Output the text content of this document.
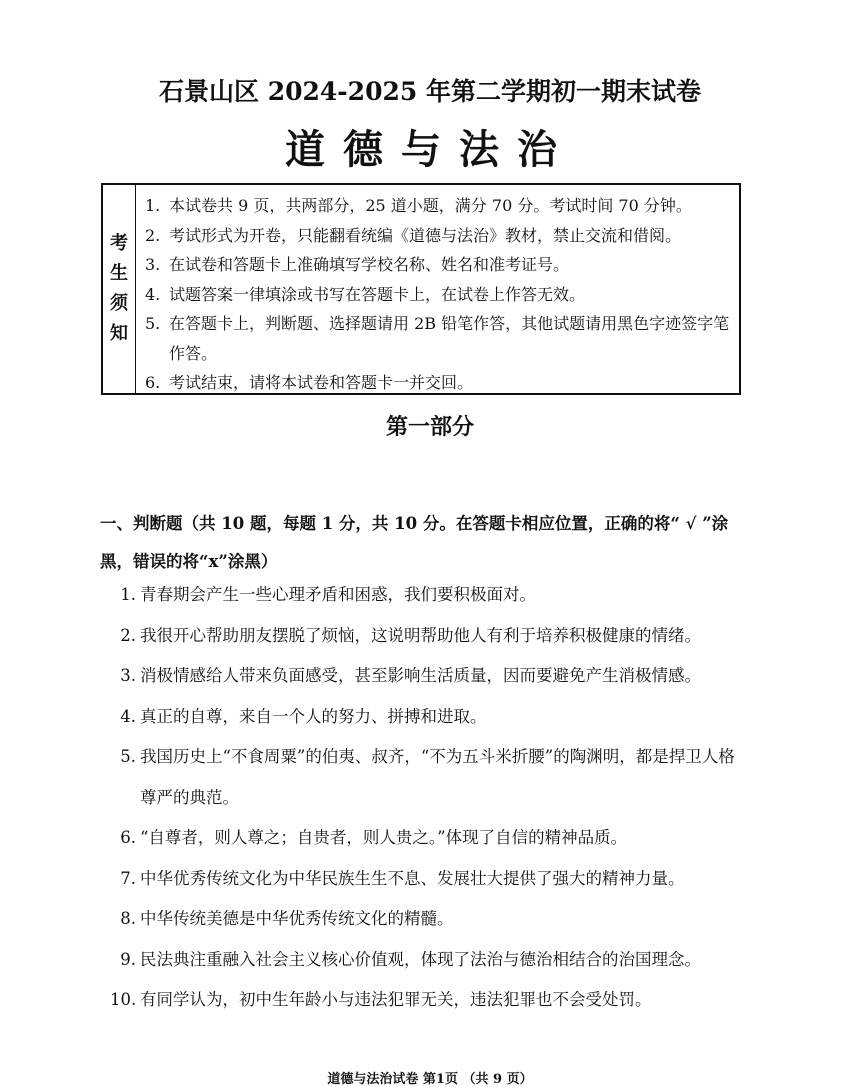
石景山区 2024-2025 年第二学期初一期末试卷
道德与法治
考
生
须
知
1. 本试卷共 9 页，共两部分，25 道小题，满分 70 分。考试时间 70 分钟。
2. 考试形式为开卷，只能翻看统编《道德与法治》教材，禁止交流和借阅。
3. 在试卷和答题卡上准确填写学校名称、姓名和准考证号。
4. 试题答案一律填涂或书写在答题卡上，在试卷上作答无效。
5. 在答题卡上，判断题、选择题请用 2B 铅笔作答，其他试题请用黑色字迹签字笔作答。
6. 考试结束，请将本试卷和答题卡一并交回。
第一部分
一、判断题（共 10 题，每题 1 分，共 10 分。在答题卡相应位置，正确的将“ √ ”涂黑，错误的将“x”涂黑）
1. 青春期会产生一些心理矛盾和困惑，我们要积极面对。
2. 我很开心帮助朋友摆脱了烦恼，这说明帮助他人有利于培养积极健康的情绪。
3. 消极情感给人带来负面感受，甚至影响生活质量，因而要避免产生消极情感。
4. 真正的自尊，来自一个人的努力、拼搏和进取。
5. 我国历史上“不食周粟”的伯夷、叔齐，“不为五斗米折腰”的陶渊明，都是捍卫人格尊严的典范。
6. “自尊者，则人尊之；自贵者，则人贵之。”体现了自信的精神品质。
7. 中华优秀传统文化为中华民族生生不息、发展壮大提供了强大的精神力量。
8. 中华传统美德是中华优秀传统文化的精髓。
9. 民法典注重融入社会主义核心价值观，体现了法治与德治相结合的治国理念。
10. 有同学认为，初中生年龄小与违法犯罪无关，违法犯罪也不会受处罚。
道德与法治试卷 第1页 （共 9 页）
